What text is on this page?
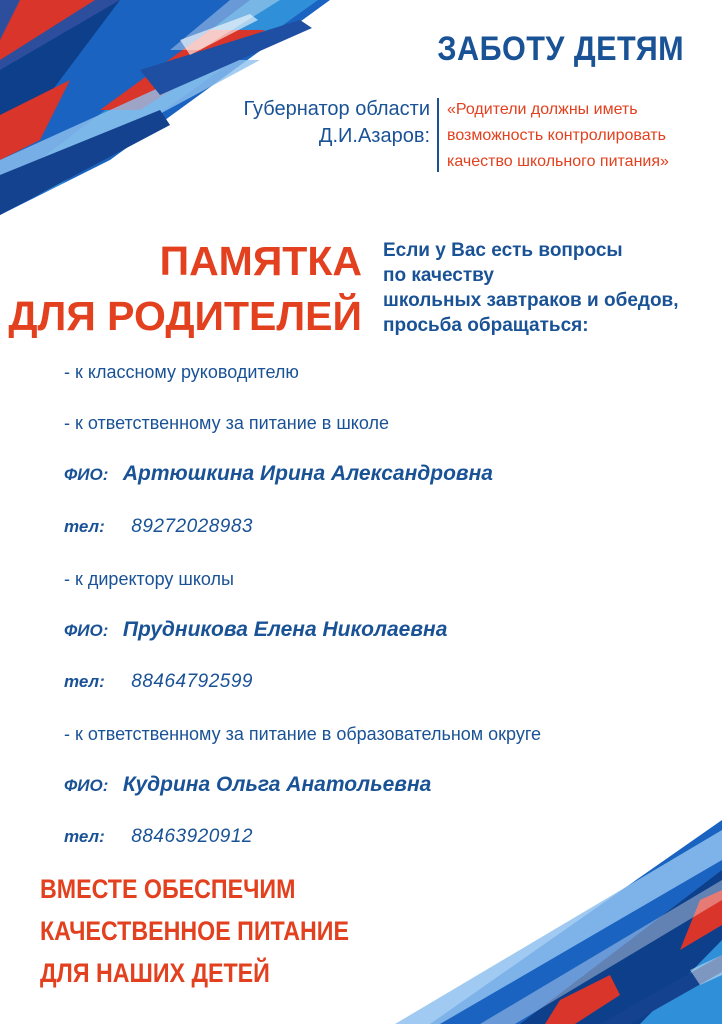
ЗАБОТУ ДЕТЯМ
Губернатор области
Д.И.Азаров:
«Родители должны иметь
возможность контролировать
качество школьного питания»
ПАМЯТКА
ДЛЯ РОДИТЕЛЕЙ
Если у Вас есть вопросы
по качеству
школьных завтраков и обедов,
просьба обращаться:
- к классному руководителю
- к ответственному за питание в школе
ФИО: Артюшкина Ирина Александровна
тел: 89272028983
- к директору школы
ФИО: Прудникова Елена Николаевна
тел: 88464792599
- к ответственному за питание в образовательном округе
ФИО: Кудрина Ольга Анатольевна
тел: 88463920912
ВМЕСТЕ ОБЕСПЕЧИМ
КАЧЕСТВЕННОЕ ПИТАНИЕ
ДЛЯ НАШИХ ДЕТЕЙ
